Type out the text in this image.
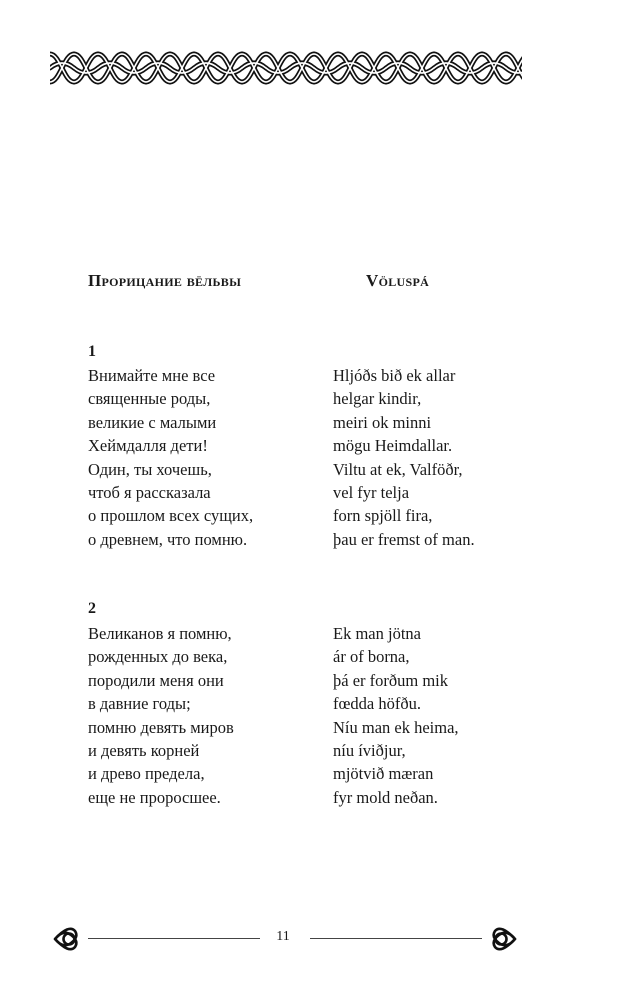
Прорицание вёльвы	Völuspá
1
Внимайте мне все
священные роды,
великие с малыми
Хеймдалля дети!
Один, ты хочешь,
чтоб я рассказала
о прошлом всех сущих,
о древнем, что помню.
Hljóðs bið ek allar
helgar kindir,
meiri ok minni
mögu Heimdallar.
Viltu at ek, Valföðr,
vel fyr telja
forn spjöll fira,
þau er fremst of man.
2
Великанов я помню,
рожденных до века,
породили меня они
в давние годы;
помню девять миров
и девять корней
и древо предела,
еще не проросшее.
Ek man jötna
ár of borna,
þá er forðum mik
fœdda höfðu.
Níu man ek heima,
níu íviðjur,
mjötvið mæran
fyr mold neðan.
11
